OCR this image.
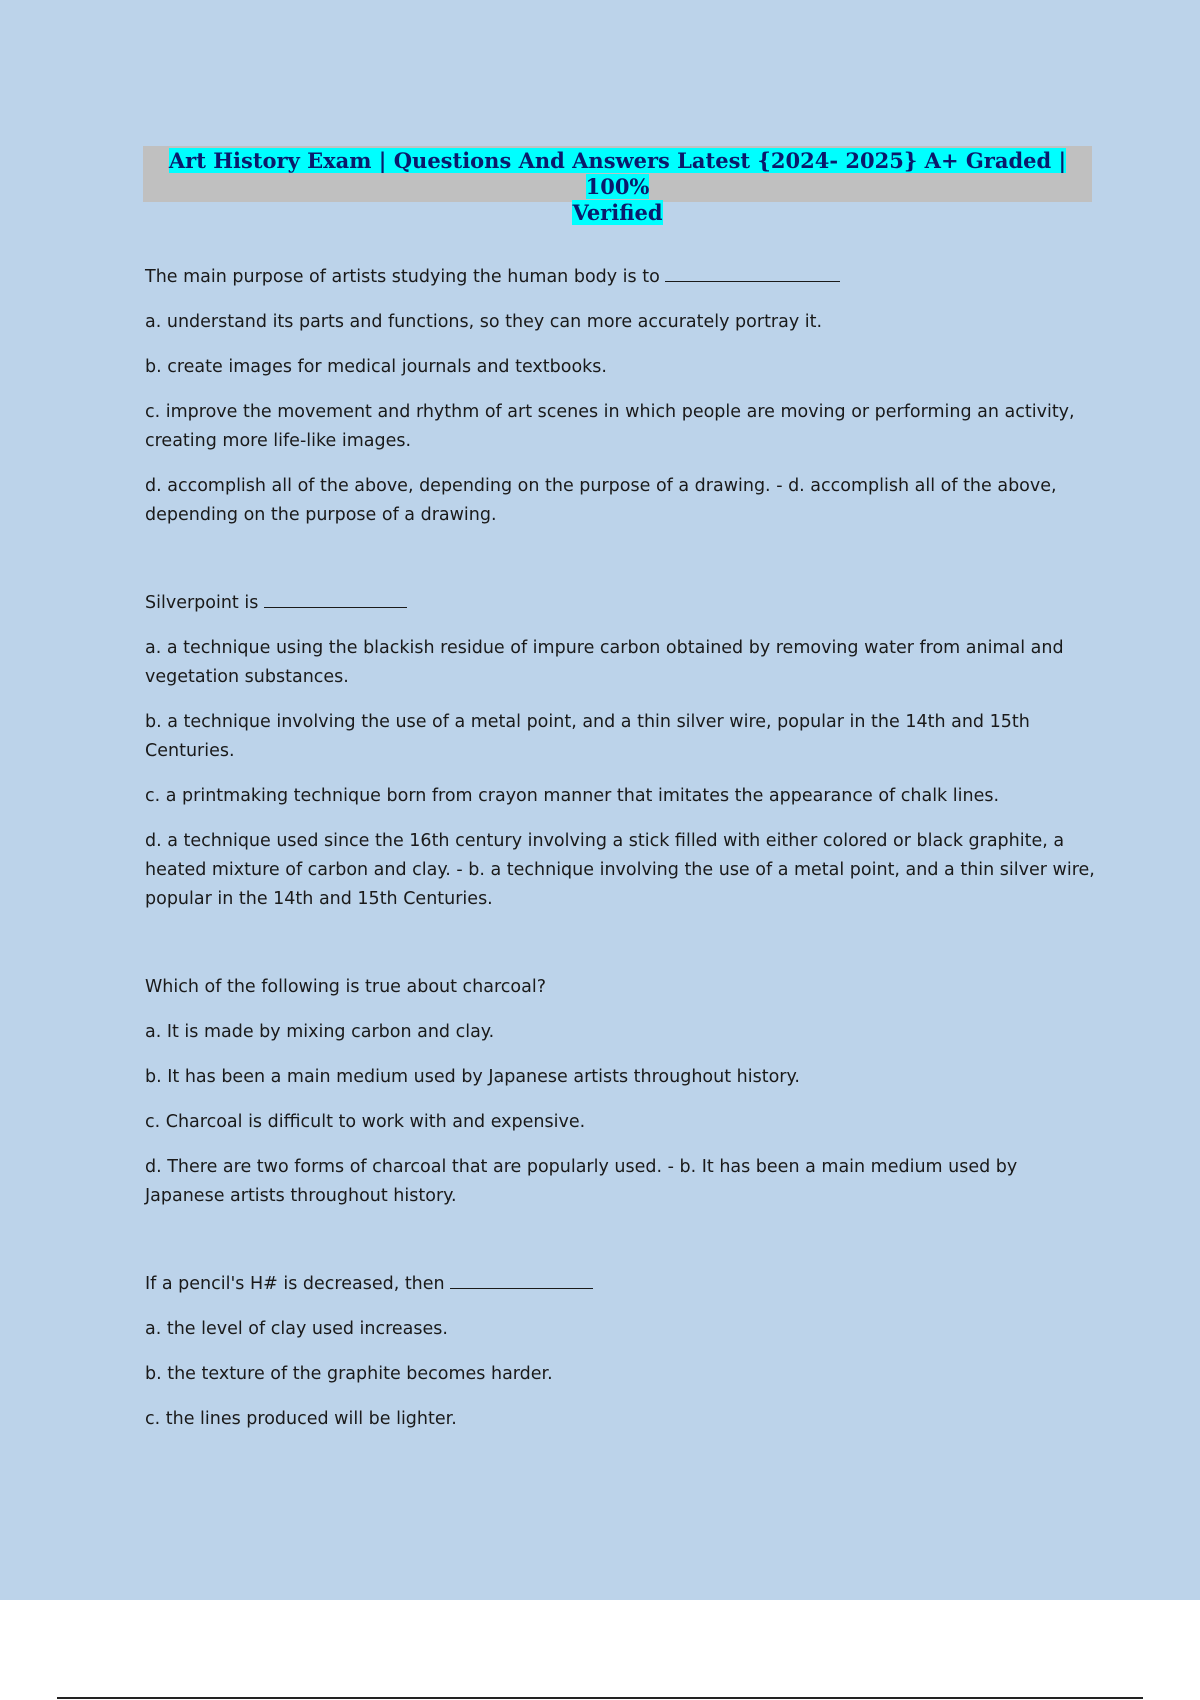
Art History Exam | Questions And Answers Latest {2024- 2025} A+ Graded | 100%
Verified

The main purpose of artists studying the human body is to

a. understand its parts and functions, so they can more accurately portray it.

b. create images for medical journals and textbooks.

c. improve the movement and rhythm of art scenes in which people are moving or performing an activity, creating more life-like images.

d. accomplish all of the above, depending on the purpose of a drawing. - d. accomplish all of the above, depending on the purpose of a drawing.

Silverpoint is

a. a technique using the blackish residue of impure carbon obtained by removing water from animal and vegetation substances.

b. a technique involving the use of a metal point, and a thin silver wire, popular in the 14th and 15th Centuries.

c. a printmaking technique born from crayon manner that imitates the appearance of chalk lines.

d. a technique used since the 16th century involving a stick filled with either colored or black graphite, a heated mixture of carbon and clay. - b. a technique involving the use of a metal point, and a thin silver wire, popular in the 14th and 15th Centuries.

Which of the following is true about charcoal?

a. It is made by mixing carbon and clay.

b. It has been a main medium used by Japanese artists throughout history.

c. Charcoal is difficult to work with and expensive.

d. There are two forms of charcoal that are popularly used. - b. It has been a main medium used by Japanese artists throughout history.

If a pencil's H# is decreased, then

a. the level of clay used increases.

b. the texture of the graphite becomes harder.

c. the lines produced will be lighter.
